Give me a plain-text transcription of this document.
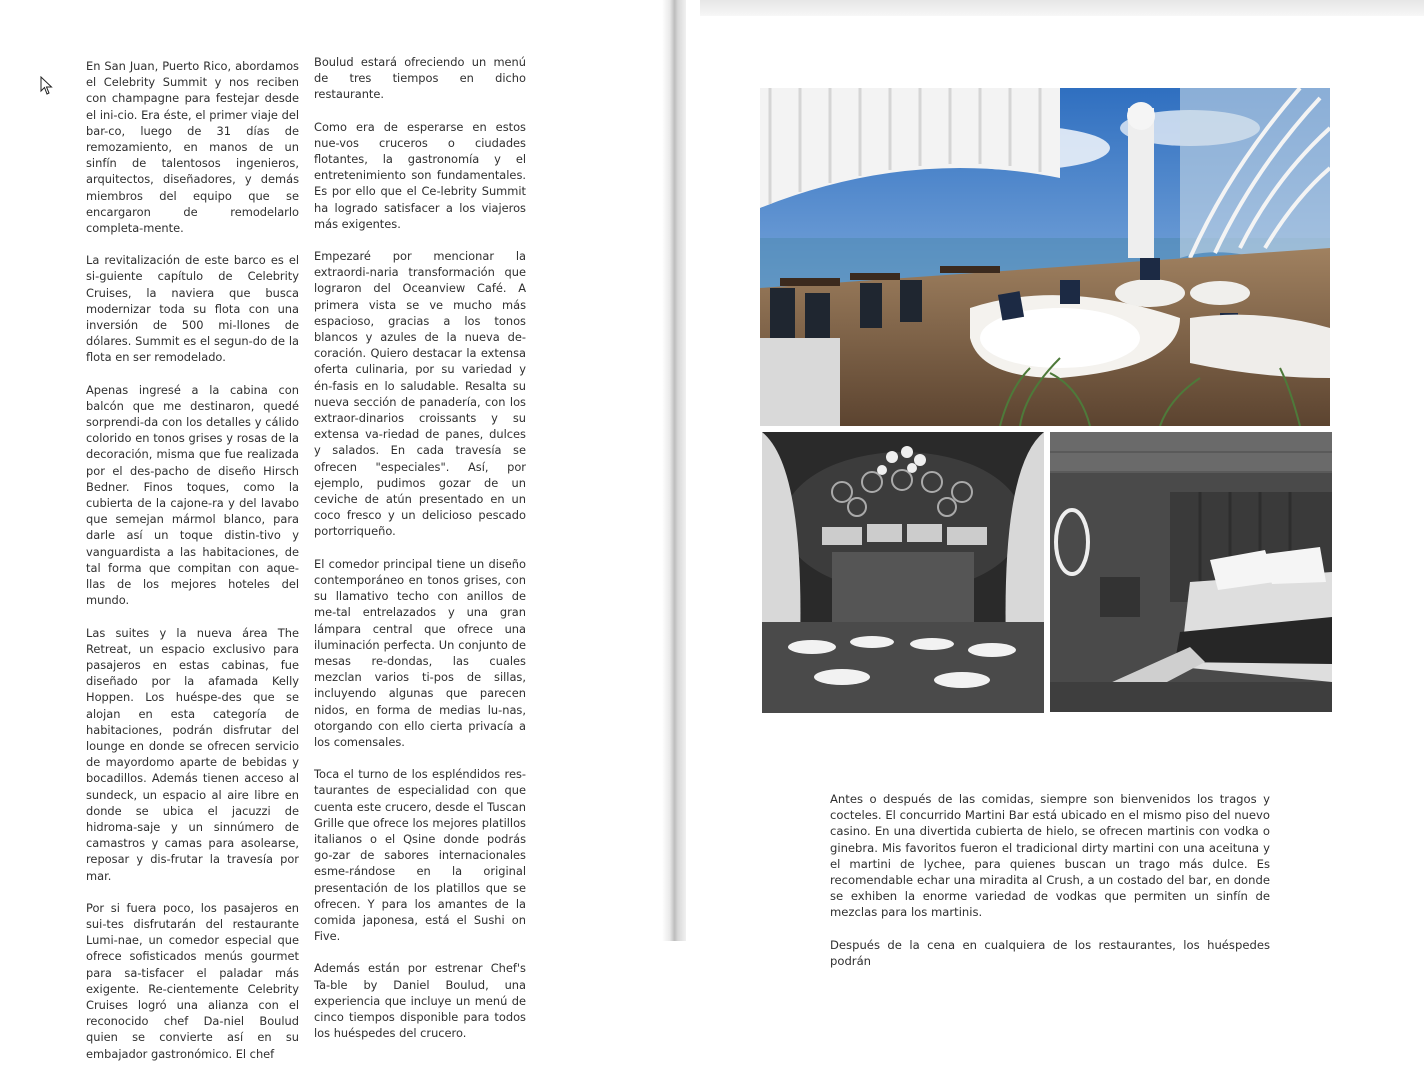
En San Juan, Puerto Rico, abordamos el Celebrity Summit y nos reciben con champagne para festejar desde el ini-cio. Era éste, el primer viaje del bar-co, luego de 31 días de remozamiento, en manos de un sinfín de talentosos ingenieros, arquitectos, diseñadores, y demás miembros del equipo que se encargaron de remodelarlo completa-mente.

La revitalización de este barco es el si-guiente capítulo de Celebrity Cruises, la naviera que busca modernizar toda su flota con una inversión de 500 mi-llones de dólares. Summit es el segun-do de la flota en ser remodelado.

Apenas ingresé a la cabina con balcón que me destinaron, quedé sorprendi-da con los detalles y cálido colorido en tonos grises y rosas de la decoración, misma que fue realizada por el des-pacho de diseño Hirsch Bedner. Finos toques, como la cubierta de la cajone-ra y del lavabo que semejan mármol blanco, para darle así un toque distin-tivo y vanguardista a las habitaciones, de tal forma que compitan con aque-llas de los mejores hoteles del mundo.

Las suites y la nueva área The Retreat, un espacio exclusivo para pasajeros en estas cabinas, fue diseñado por la afamada Kelly Hoppen. Los huéspe-des que se alojan en esta categoría de habitaciones, podrán disfrutar del lounge en donde se ofrecen servicio de mayordomo aparte de bebidas y bocadillos. Además tienen acceso al sundeck, un espacio al aire libre en donde se ubica el jacuzzi de hidroma-saje y un sinnúmero de camastros y camas para asolearse, reposar y dis-frutar la travesía por mar.

Por si fuera poco, los pasajeros en sui-tes disfrutarán del restaurante Lumi-nae, un comedor especial que ofrece sofisticados menús gourmet para sa-tisfacer el paladar más exigente. Re-cientemente Celebrity Cruises logró una alianza con el reconocido chef Da-niel Boulud quien se convierte así en su embajador gastronómico. El chef

Boulud estará ofreciendo un menú de tres tiempos en dicho restaurante.

Como era de esperarse en estos nue-vos cruceros o ciudades flotantes, la gastronomía y el entretenimiento son fundamentales. Es por ello que el Ce-lebrity Summit ha logrado satisfacer a los viajeros más exigentes.

Empezaré por mencionar la extraordi-naria transformación que lograron del Oceanview Café. A primera vista se ve mucho más espacioso, gracias a los tonos blancos y azules de la nueva de-coración. Quiero destacar la extensa oferta culinaria, por su variedad y én-fasis en lo saludable. Resalta su nueva sección de panadería, con los extraor-dinarios croissants y su extensa va-riedad de panes, dulces y salados. En cada travesía se ofrecen "especiales". Así, por ejemplo, pudimos gozar de un ceviche de atún presentado en un coco fresco y un delicioso pescado portorriqueño.

El comedor principal tiene un diseño contemporáneo en tonos grises, con su llamativo techo con anillos de me-tal entrelazados y una gran lámpara central que ofrece una iluminación perfecta. Un conjunto de mesas re-dondas, las cuales mezclan varios ti-pos de sillas, incluyendo algunas que parecen nidos, en forma de medias lu-nas, otorgando con ello cierta privacía a los comensales.

Toca el turno de los espléndidos res-taurantes de especialidad con que cuenta este crucero, desde el Tuscan Grille que ofrece los mejores platillos italianos o el Qsine donde podrás go-zar de sabores internacionales esme-rándose en la original presentación de los platillos que se ofrecen. Y para los amantes de la comida japonesa, está el Sushi on Five.

Además están por estrenar Chef's Ta-ble by Daniel Boulud, una experiencia que incluye un menú de cinco tiempos disponible para todos los huéspedes del crucero.

Antes o después de las comidas, siempre son bienvenidos los tragos y cocteles. El concurrido Martini Bar está ubicado en el mismo piso del nuevo casino. En una divertida cubierta de hielo, se ofrecen martinis con vodka o ginebra. Mis favoritos fueron el tradicional dirty martini con una aceituna y el martini de lychee, para quienes buscan un trago más dulce. Es recomendable echar una miradita al Crush, a un costado del bar, en donde se exhiben la enorme variedad de vodkas que permiten un sinfín de mezclas para los martinis.

Después de la cena en cualquiera de los restaurantes, los huéspedes podrán
